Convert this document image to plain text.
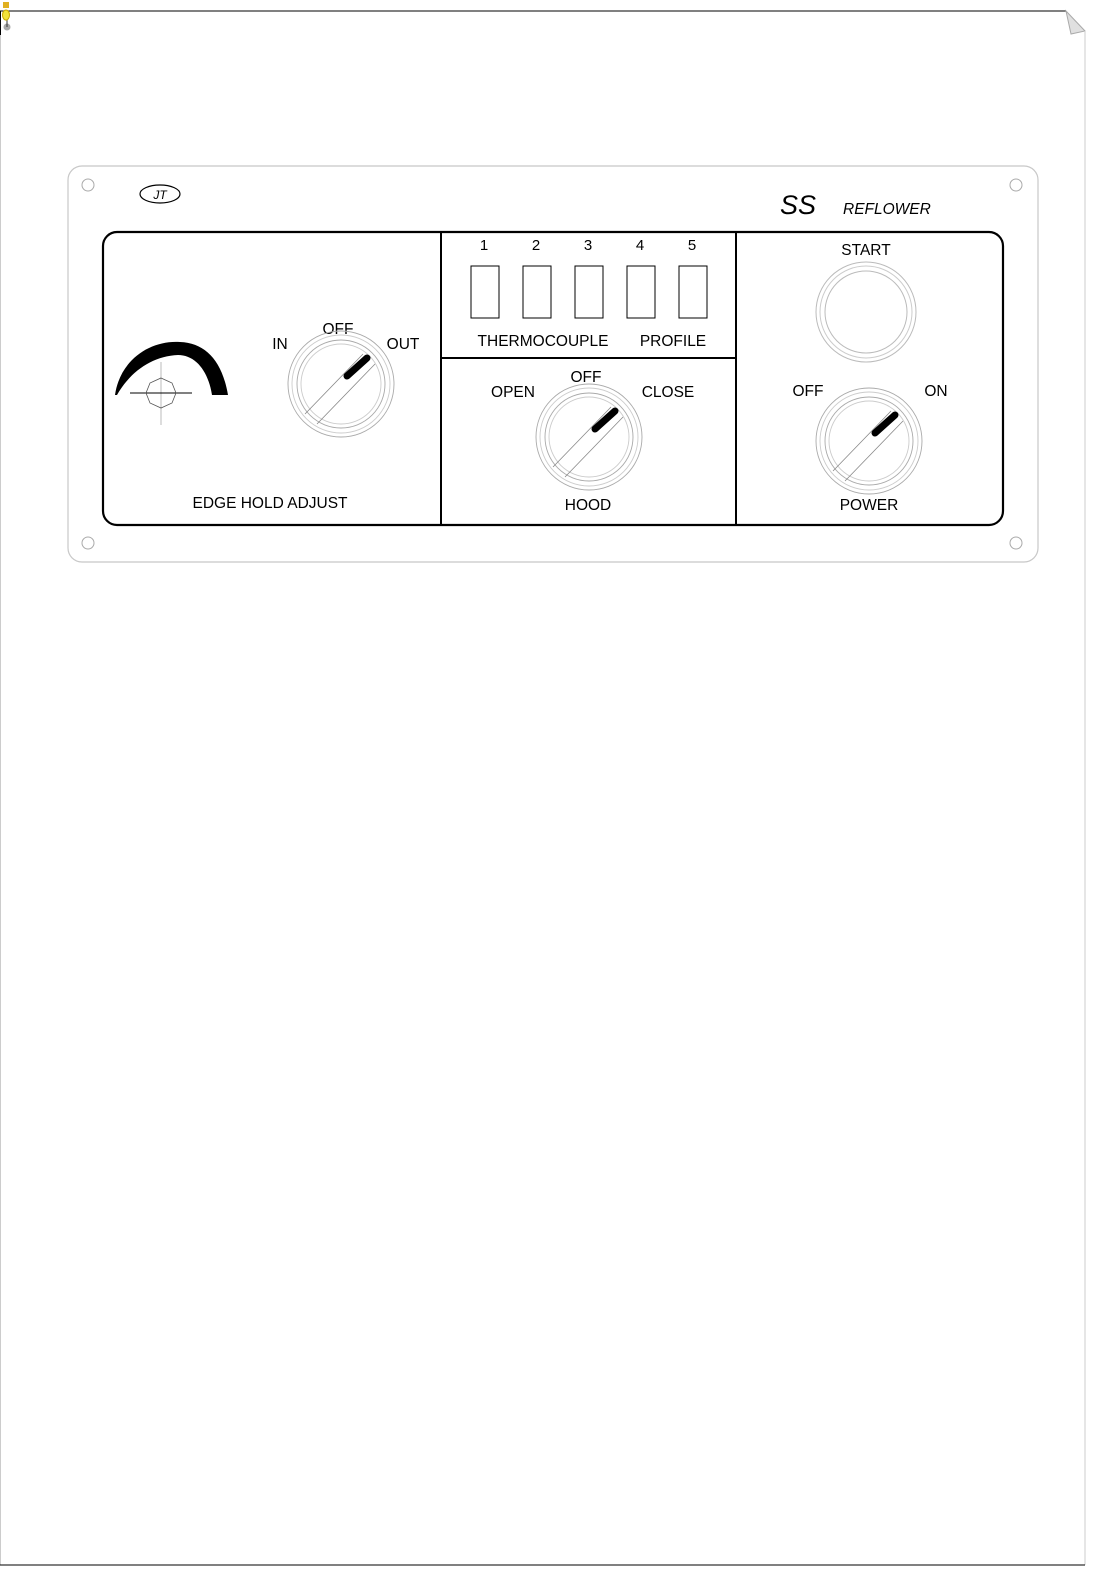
JT	SS REFLOWER
IN
OFF
OUT
EDGE HOLD ADJUST
1	2	3	4	5
THERMOCOUPLE PROFILE
OPEN
OFF
CLOSE
HOOD
START
OFF	ON
POWER
